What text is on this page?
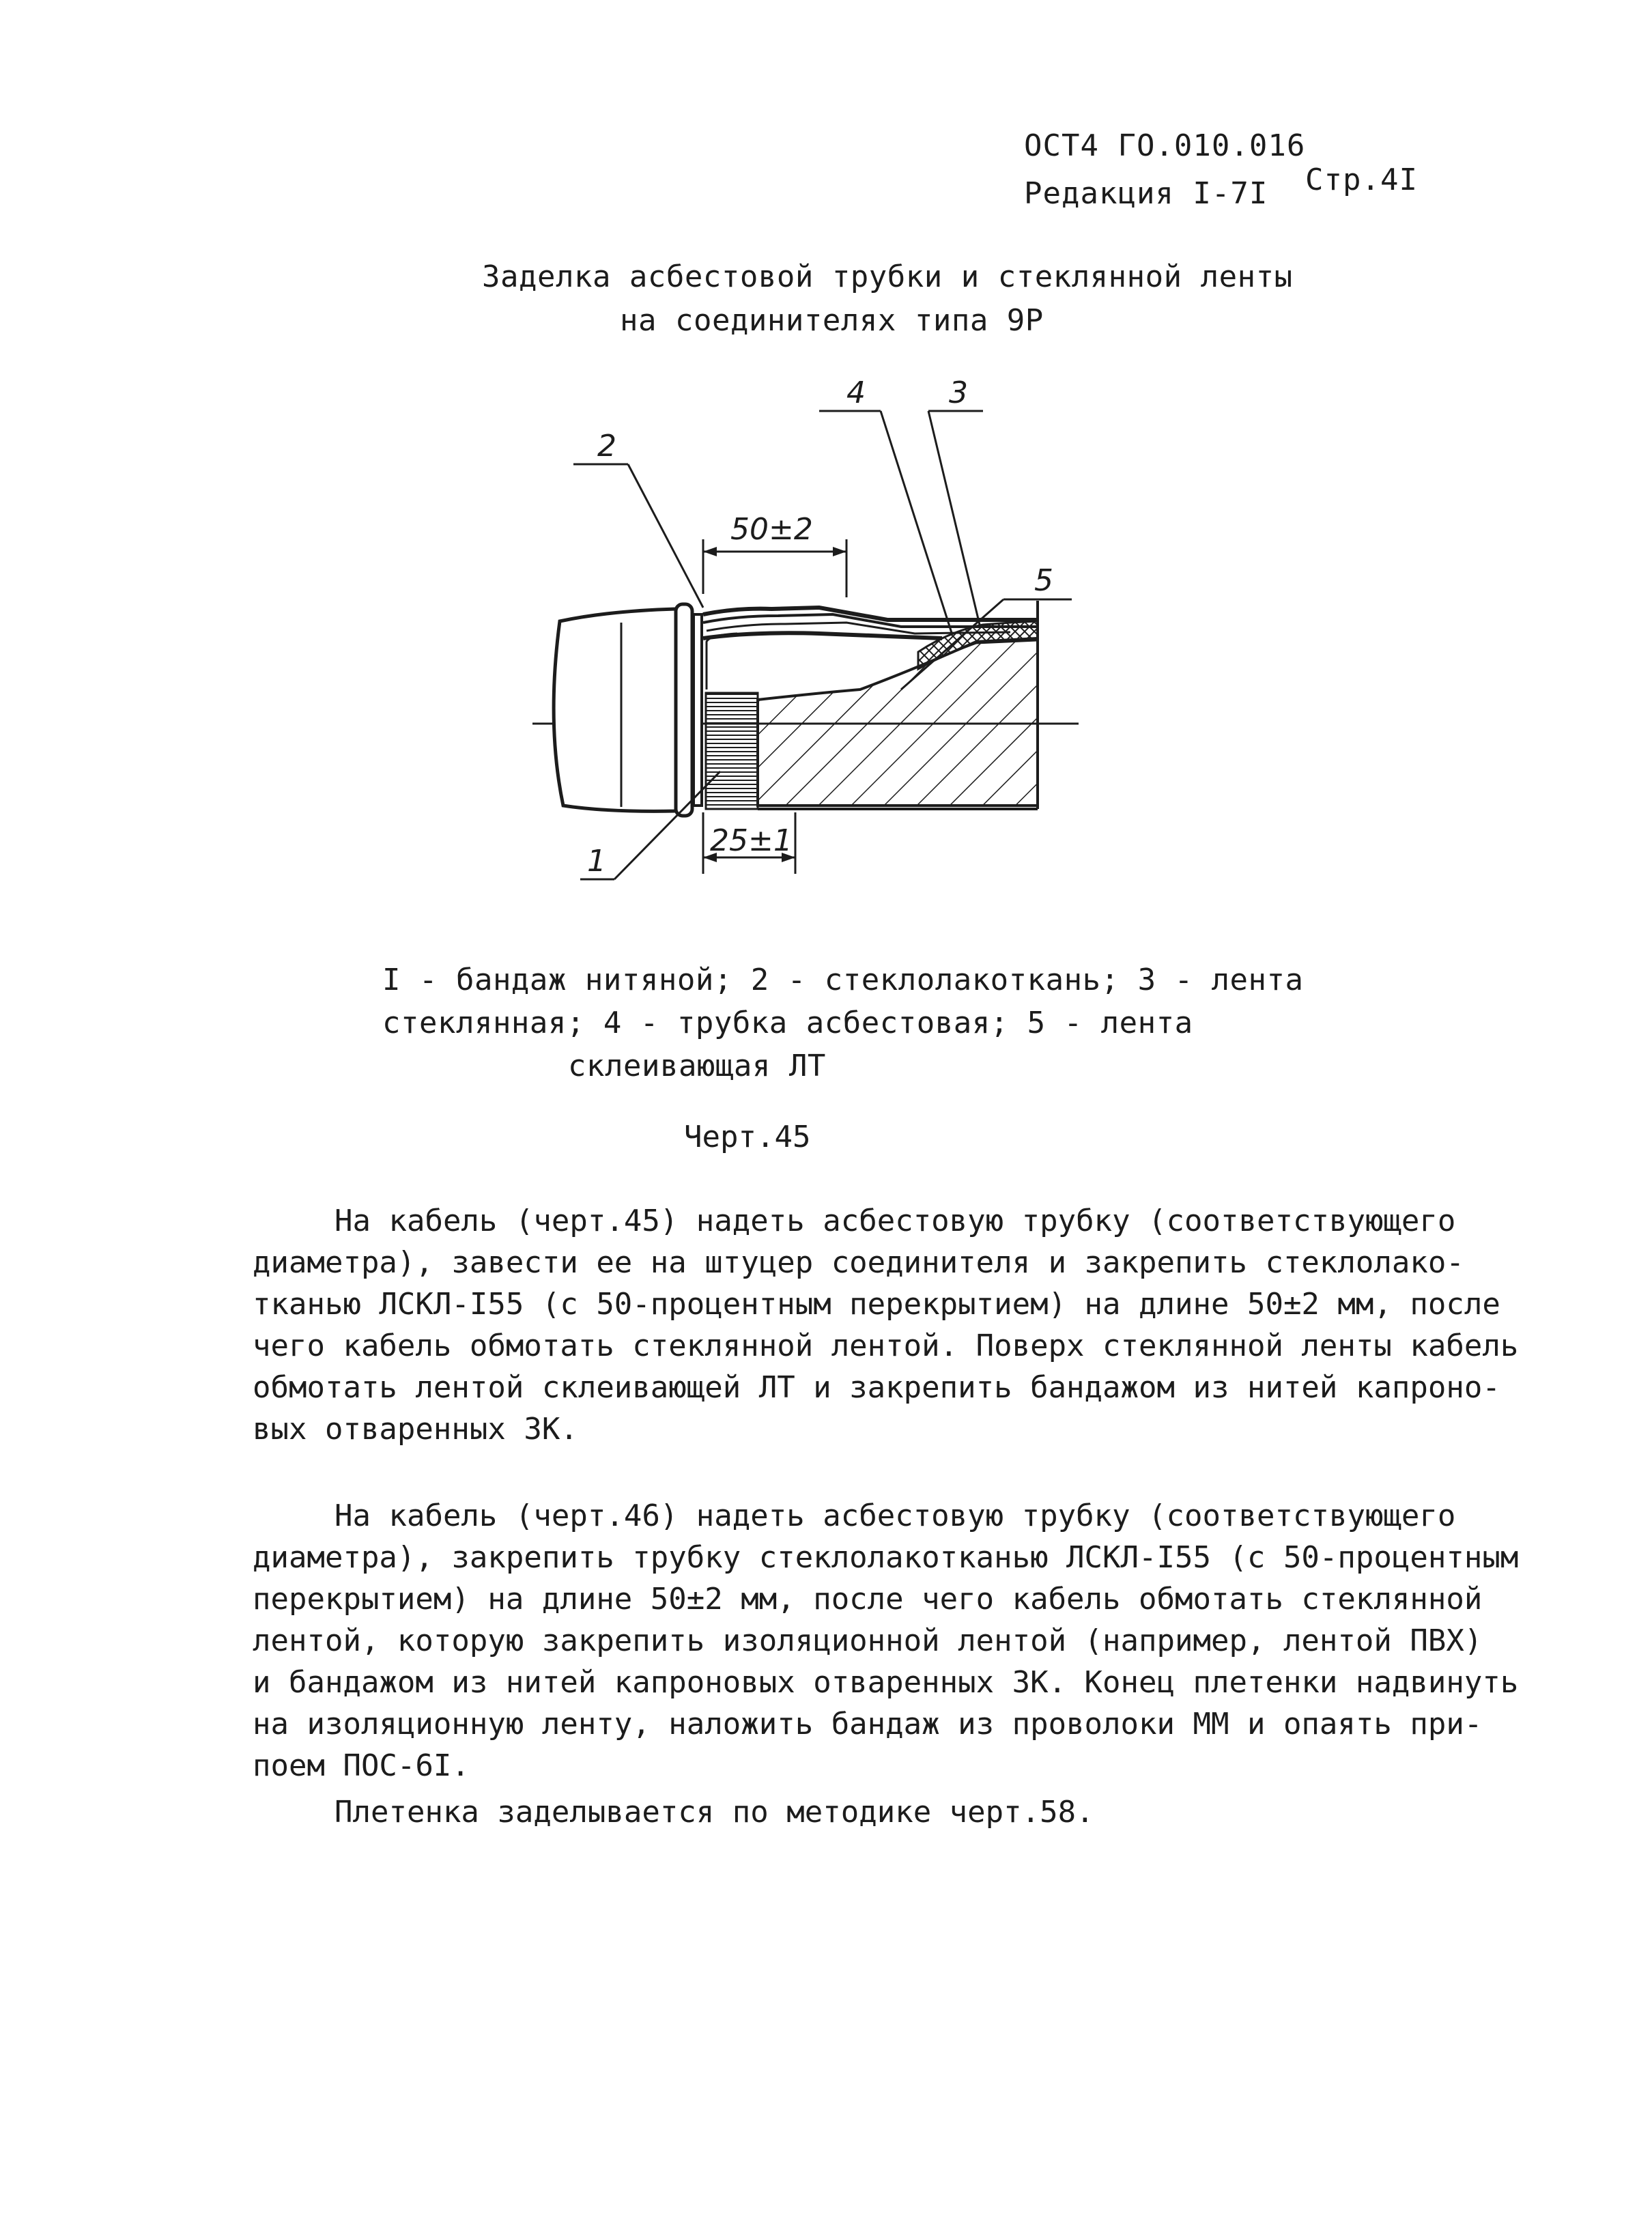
ОСТ4 ГО.010.016
Редакция I-7I Стр.4I
Заделка асбестовой трубки и стеклянной ленты
на соединителях типа 9Р
50±2
25±1
2
4	3
5
1
I - бандаж нитяной; 2 - стеклолакоткань; 3 - лента
стеклянная; 4 - трубка асбестовая; 5 - лента
склеивающая ЛТ
Черт.45
На кабель (черт.45) надеть асбестовую трубку (соответствующего
диаметра), завести ее на штуцер соединителя и закрепить стеклолако-
тканью ЛСКЛ-I55 (с 50-процентным перекрытием) на длине 50±2 мм, после
чего кабель обмотать стеклянной лентой. Поверх стеклянной ленты кабель
обмотать лентой склеивающей ЛТ и закрепить бандажом из нитей капроно-
вых отваренных ЗК.
На кабель (черт.46) надеть асбестовую трубку (соответствующего
диаметра), закрепить трубку стеклолакотканью ЛСКЛ-I55 (с 50-процентным
перекрытием) на длине 50±2 мм, после чего кабель обмотать стеклянной
лентой, которую закрепить изоляционной лентой (например, лентой ПВХ)
и бандажом из нитей капроновых отваренных ЗК. Конец плетенки надвинуть
на изоляционную ленту, наложить бандаж из проволоки ММ и опаять при-
поем ПОС-6I.
Плетенка заделывается по методике черт.58.
